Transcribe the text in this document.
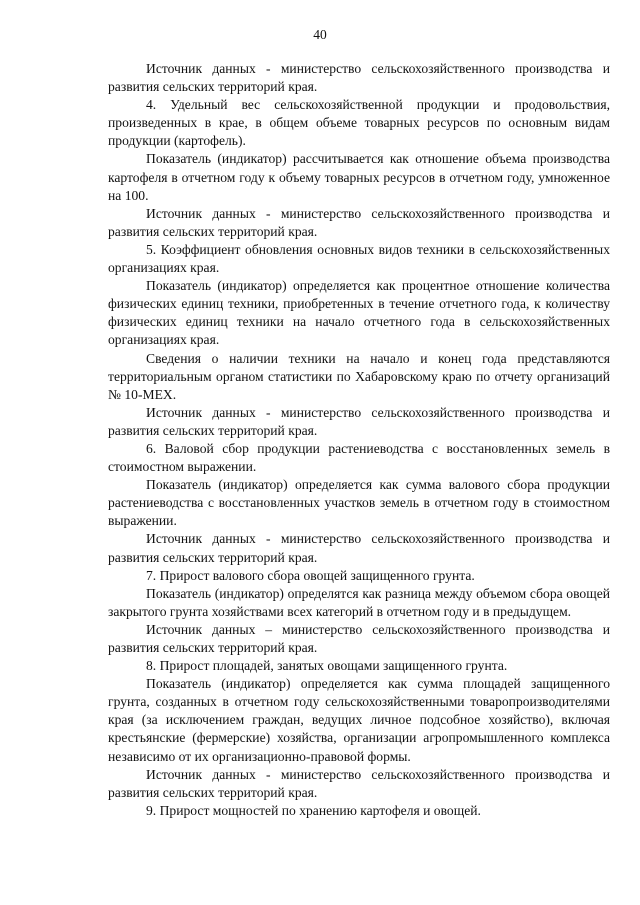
40

Источник данных - министерство сельскохозяйственного производства и развития сельских территорий края.

4. Удельный вес сельскохозяйственной продукции и продовольствия, произведенных в крае, в общем объеме товарных ресурсов по основным видам продукции (картофель).

Показатель (индикатор) рассчитывается как отношение объема производства картофеля в отчетном году к объему товарных ресурсов в отчетном году, умноженное на 100.

Источник данных - министерство сельскохозяйственного производства и развития сельских территорий края.

5. Коэффициент обновления основных видов техники в сельскохозяйственных организациях края.

Показатель (индикатор) определяется как процентное отношение количества физических единиц техники, приобретенных в течение отчетного года, к количеству физических единиц техники на начало отчетного года в сельскохозяйственных организациях края.

Сведения о наличии техники на начало и конец года представляются территориальным органом статистики по Хабаровскому краю по отчету организаций № 10-МЕХ.

Источник данных - министерство сельскохозяйственного производства и развития сельских территорий края.

6. Валовой сбор продукции растениеводства с восстановленных земель в стоимостном выражении.

Показатель (индикатор) определяется как сумма валового сбора продукции растениеводства с восстановленных участков земель в отчетном году в стоимостном выражении.

Источник данных - министерство сельскохозяйственного производства и развития сельских территорий края.

7. Прирост валового сбора овощей защищенного грунта.

Показатель (индикатор) определятся как разница между объемом сбора овощей закрытого грунта хозяйствами всех категорий в отчетном году и в предыдущем.

Источник данных – министерство сельскохозяйственного производства и развития сельских территорий края.

8. Прирост площадей, занятых овощами защищенного грунта.

Показатель (индикатор) определяется как сумма площадей защищенного грунта, созданных в отчетном году сельскохозяйственными товаропроизводителями края (за исключением граждан, ведущих личное подсобное хозяйство), включая крестьянские (фермерские) хозяйства, организации агропромышленного комплекса независимо от их организационно-правовой формы.

Источник данных - министерство сельскохозяйственного производства и развития сельских территорий края.

9. Прирост мощностей по хранению картофеля и овощей.
